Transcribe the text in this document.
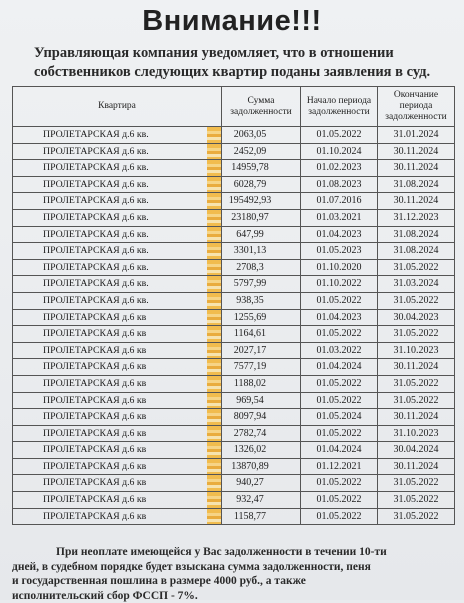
Внимание!!!
Управляющая компания уведомляет, что в отношении
собственников следующих квартир поданы заявления в суд.
Квартира	Сумма задолженности	Начало периода задолженности	Окончание периода задолженности
ПРОЛЕТАРСКАЯ д.6 кв.	2063,05	01.05.2022	31.01.2024
ПРОЛЕТАРСКАЯ д.6 кв.	2452,09	01.10.2024	30.11.2024
ПРОЛЕТАРСКАЯ д.6 кв.	14959,78	01.02.2023	30.11.2024
ПРОЛЕТАРСКАЯ д.6 кв.	6028,79	01.08.2023	31.08.2024
ПРОЛЕТАРСКАЯ д.6 кв.	195492,93	01.07.2016	30.11.2024
ПРОЛЕТАРСКАЯ д.6 кв.	23180,97	01.03.2021	31.12.2023
ПРОЛЕТАРСКАЯ д.6 кв.	647,99	01.04.2023	31.08.2024
ПРОЛЕТАРСКАЯ д.6 кв.	3301,13	01.05.2023	31.08.2024
ПРОЛЕТАРСКАЯ д.6 кв.	2708,3	01.10.2020	31.05.2022
ПРОЛЕТАРСКАЯ д.6 кв.	5797,99	01.10.2022	31.03.2024
ПРОЛЕТАРСКАЯ д.6 кв.	938,35	01.05.2022	31.05.2022
ПРОЛЕТАРСКАЯ д.6 кв	1255,69	01.04.2023	30.04.2023
ПРОЛЕТАРСКАЯ д.6 кв	1164,61	01.05.2022	31.05.2022
ПРОЛЕТАРСКАЯ д.6 кв	2027,17	01.03.2022	31.10.2023
ПРОЛЕТАРСКАЯ д.6 кв	7577,19	01.04.2024	30.11.2024
ПРОЛЕТАРСКАЯ д.6 кв	1188,02	01.05.2022	31.05.2022
ПРОЛЕТАРСКАЯ д.6 кв	969,54	01.05.2022	31.05.2022
ПРОЛЕТАРСКАЯ д.6 кв	8097,94	01.05.2024	30.11.2024
ПРОЛЕТАРСКАЯ д.6 кв	2782,74	01.05.2022	31.10.2023
ПРОЛЕТАРСКАЯ д.6 кв	1326,02	01.04.2024	30.04.2024
ПРОЛЕТАРСКАЯ д.6 кв	13870,89	01.12.2021	30.11.2024
ПРОЛЕТАРСКАЯ д.6 кв	940,27	01.05.2022	31.05.2022
ПРОЛЕТАРСКАЯ д.6 кв	932,47	01.05.2022	31.05.2022
ПРОЛЕТАРСКАЯ д.6 кв	1158,77	01.05.2022	31.05.2022
При неоплате имеющейся у Вас задолженности в течении 10-ти
дней, в судебном порядке будет взыскана сумма задолженности, пеня
и государственная пошлина в размере 4000 руб., а также
исполнительский сбор ФССП - 7%.
